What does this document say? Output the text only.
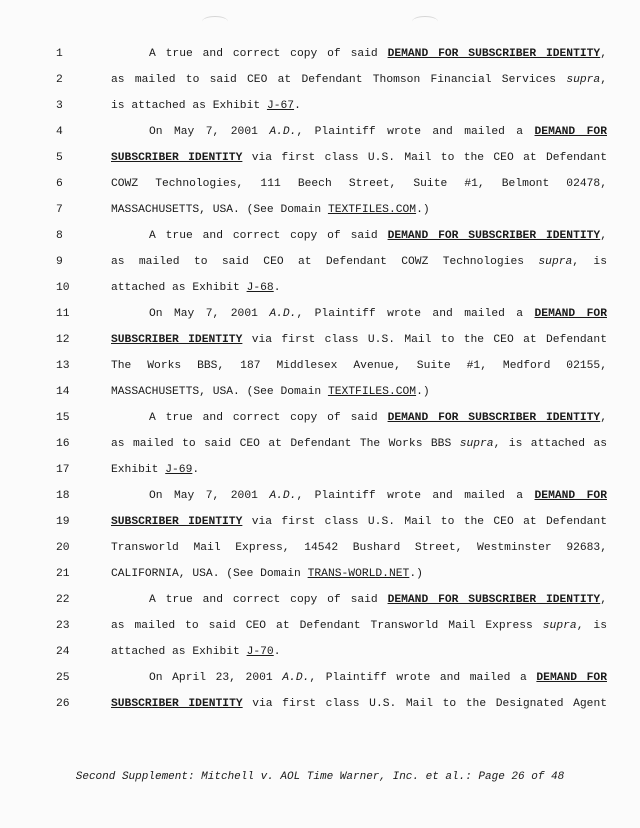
1	A true and correct copy of said DEMAND FOR SUBSCRIBER IDENTITY,
2	as mailed to said CEO at Defendant Thomson Financial Services supra,
3	is attached as Exhibit J-67.
4	On May 7, 2001 A.D., Plaintiff wrote and mailed a DEMAND FOR
5	SUBSCRIBER IDENTITY via first class U.S. Mail to the CEO at Defendant
6	COWZ Technologies, 111 Beech Street, Suite #1, Belmont 02478,
7	MASSACHUSETTS, USA. (See Domain TEXTFILES.COM.)
8	A true and correct copy of said DEMAND FOR SUBSCRIBER IDENTITY,
9	as mailed to said CEO at Defendant COWZ Technologies supra, is
10	attached as Exhibit J-68.
11	On May 7, 2001 A.D., Plaintiff wrote and mailed a DEMAND FOR
12	SUBSCRIBER IDENTITY via first class U.S. Mail to the CEO at Defendant
13	The Works BBS, 187 Middlesex Avenue, Suite #1, Medford 02155,
14	MASSACHUSETTS, USA. (See Domain TEXTFILES.COM.)
15	A true and correct copy of said DEMAND FOR SUBSCRIBER IDENTITY,
16	as mailed to said CEO at Defendant The Works BBS supra, is attached as
17	Exhibit J-69.
18	On May 7, 2001 A.D., Plaintiff wrote and mailed a DEMAND FOR
19	SUBSCRIBER IDENTITY via first class U.S. Mail to the CEO at Defendant
20	Transworld Mail Express, 14542 Bushard Street, Westminster 92683,
21	CALIFORNIA, USA. (See Domain TRANS-WORLD.NET.)
22	A true and correct copy of said DEMAND FOR SUBSCRIBER IDENTITY,
23	as mailed to said CEO at Defendant Transworld Mail Express supra, is
24	attached as Exhibit J-70.
25	On April 23, 2001 A.D., Plaintiff wrote and mailed a DEMAND FOR
26	SUBSCRIBER IDENTITY via first class U.S. Mail to the Designated Agent
Second Supplement: Mitchell v. AOL Time Warner, Inc. et al.: Page 26 of 48
